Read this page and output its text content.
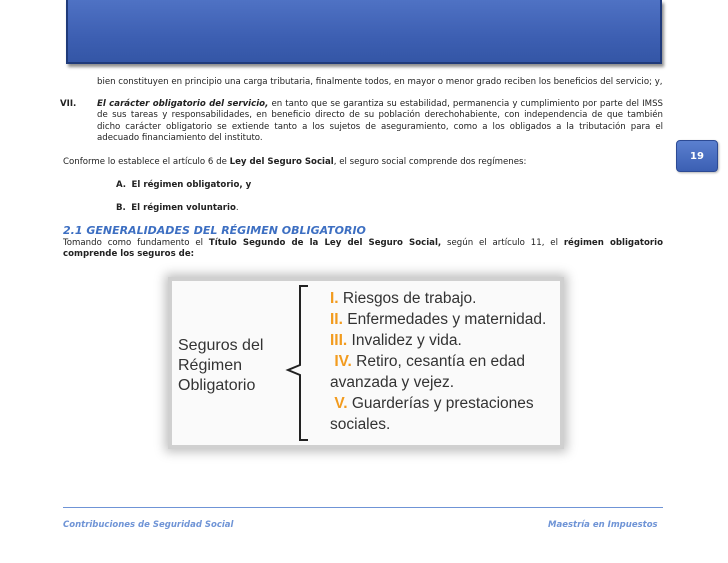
19
bien constituyen en principio una carga tributaria, finalmente todos, en mayor o menor grado reciben los beneficios del servicio; y,
VII. El carácter obligatorio del servicio, en tanto que se garantiza su estabilidad, permanencia y cumplimiento por parte del IMSS de sus tareas y responsabilidades, en beneficio directo de su población derechohabiente, con independencia de que también dicho carácter obligatorio se extiende tanto a los sujetos de aseguramiento, como a los obligados a la tributación para el adecuado financiamiento del instituto.
Conforme lo establece el artículo 6 de Ley del Seguro Social, el seguro social comprende dos regímenes:
A. El régimen obligatorio, y
B. El régimen voluntario.
2.1 GENERALIDADES DEL RÉGIMEN OBLIGATORIO
Tomando como fundamento el Título Segundo de la Ley del Seguro Social, según el artículo 11, el régimen obligatorio comprende los seguros de:
Seguros del
Régimen
Obligatorio
I. Riesgos de trabajo.
II. Enfermedades y maternidad.
III. Invalidez y vida.
IV. Retiro, cesantía en edad
avanzada y vejez.
V. Guarderías y prestaciones
sociales.
Contribuciones de Seguridad Social	Maestría en Impuestos
